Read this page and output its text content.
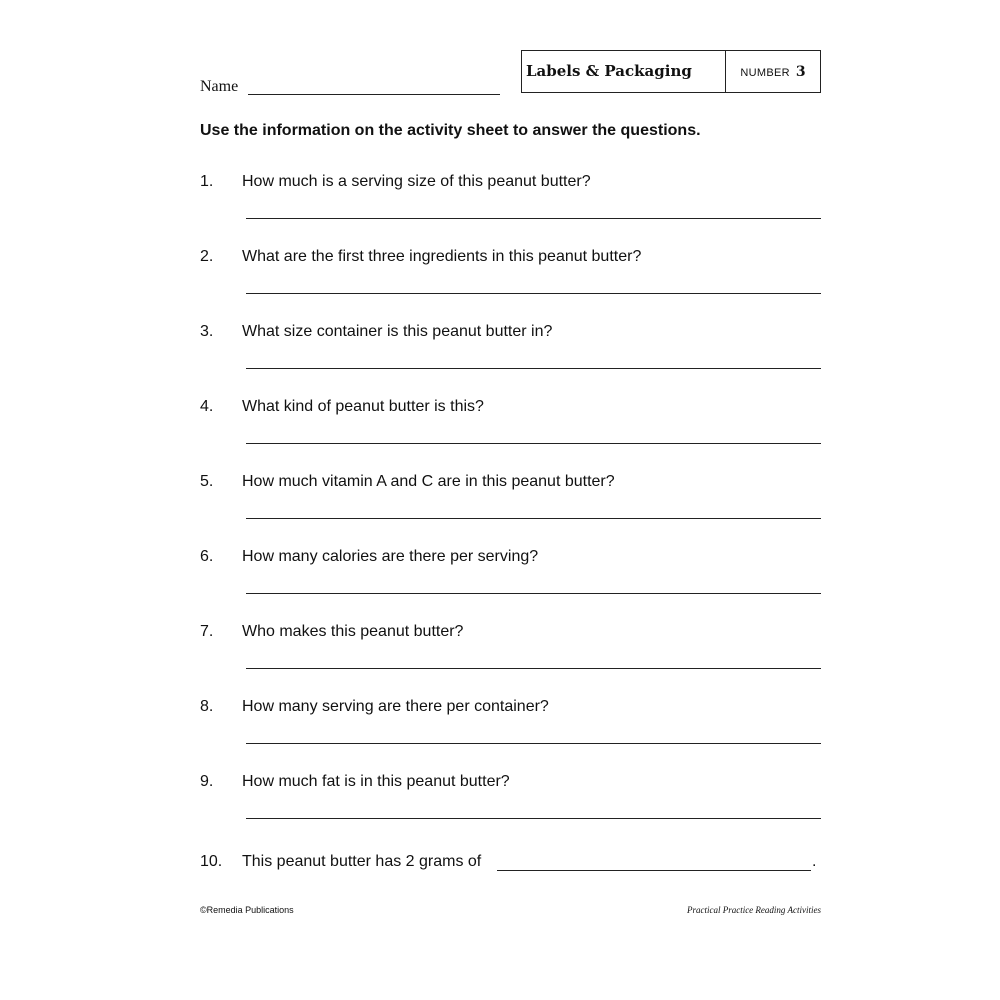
Name
Labels & Packaging	NUMBER 3
Use the information on the activity sheet to answer the questions.
1. How much is a serving size of this peanut butter?
2. What are the first three ingredients in this peanut butter?
3. What size container is this peanut butter in?
4. What kind of peanut butter is this?
5. How much vitamin A and C are in this peanut butter?
6. How many calories are there per serving?
7. Who makes this peanut butter?
8. How many serving are there per container?
9. How much fat is in this peanut butter?
10. This peanut butter has 2 grams of	.
©Remedia Publications	Practical Practice Reading Activities
